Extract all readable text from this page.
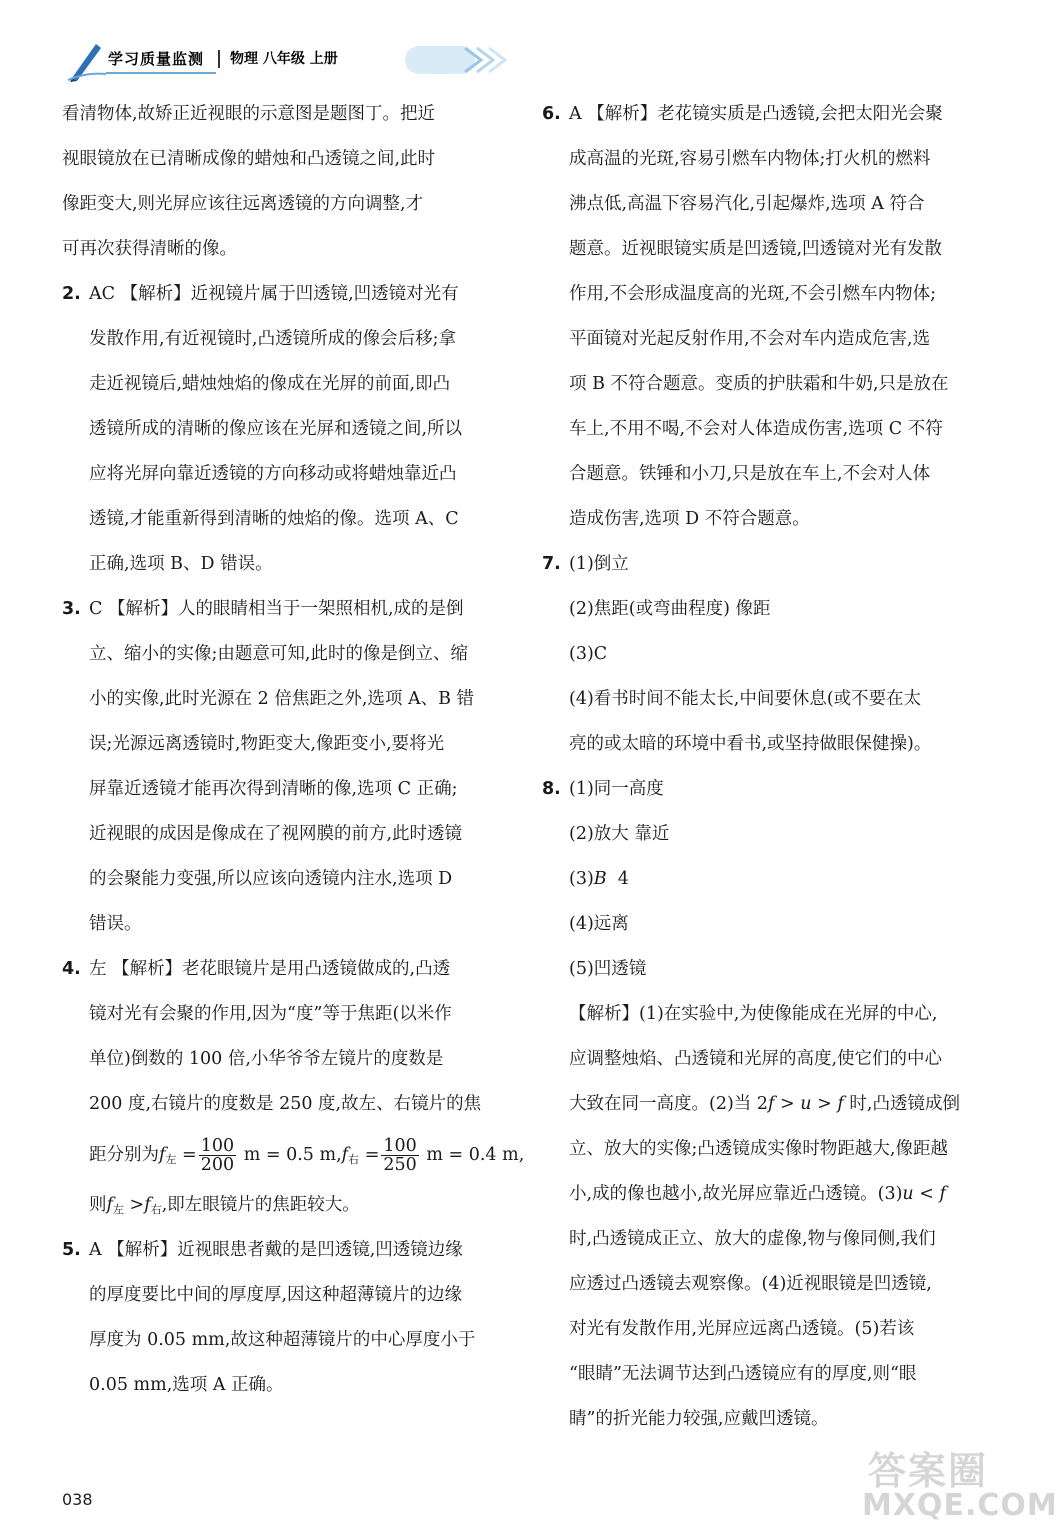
学习质量监测 物理 八年级 上册
看清物体,故矫正近视眼的示意图是题图丁。把近
视眼镜放在已清晰成像的蜡烛和凸透镜之间,此时
像距变大,则光屏应该往远离透镜的方向调整,才
可再次获得清晰的像。
2. AC 【解析】近视镜片属于凹透镜,凹透镜对光有
发散作用,有近视镜时,凸透镜所成的像会后移;拿
走近视镜后,蜡烛烛焰的像成在光屏的前面,即凸
透镜所成的清晰的像应该在光屏和透镜之间,所以
应将光屏向靠近透镜的方向移动或将蜡烛靠近凸
透镜,才能重新得到清晰的烛焰的像。选项 A、C
正确,选项 B、D 错误。
3. C 【解析】人的眼睛相当于一架照相机,成的是倒
立、缩小的实像;由题意可知,此时的像是倒立、缩
小的实像,此时光源在 2 倍焦距之外,选项 A、B 错
误;光源远离透镜时,物距变大,像距变小,要将光
屏靠近透镜才能再次得到清晰的像,选项 C 正确;
近视眼的成因是像成在了视网膜的前方,此时透镜
的会聚能力变强,所以应该向透镜内注水,选项 D
错误。
4. 左 【解析】老花眼镜片是用凸透镜做成的,凸透
镜对光有会聚的作用,因为“度”等于焦距(以米作
单位)倒数的 100 倍,小华爷爷左镜片的度数是
200 度,右镜片的度数是 250 度,故左、右镜片的焦
距分别为$f_左 = \frac{100}{200}$ m = 0.5 $m,f_右 = \frac{100}{250}$ m = 0.4 m,
则$f_左 >f_右$,即左眼镜片的焦距较大。
5. A 【解析】近视眼患者戴的是凹透镜,凹透镜边缘
的厚度要比中间的厚度厚,因这种超薄镜片的边缘
厚度为 0.05 mm,故这种超薄镜片的中心厚度小于
0.05 mm,选项 A 正确。
6. A 【解析】老花镜实质是凸透镜,会把太阳光会聚
成高温的光斑,容易引燃车内物体;打火机的燃料
沸点低,高温下容易汽化,引起爆炸,选项 A 符合
题意。近视眼镜实质是凹透镜,凹透镜对光有发散
作用,不会形成温度高的光斑,不会引燃车内物体;
平面镜对光起反射作用,不会对车内造成危害,选
项 B 不符合题意。变质的护肤霜和牛奶,只是放在
车上,不用不喝,不会对人体造成伤害,选项 C 不符
合题意。铁锤和小刀,只是放在车上,不会对人体
造成伤害,选项 D 不符合题意。
7. (1)倒立
(2)焦距(或弯曲程度) 像距
(3)C
(4)看书时间不能太长,中间要休息(或不要在太
亮的或太暗的环境中看书,或坚持做眼保健操)。
8. (1)同一高度
(2)放大 靠近
(3)B  4
(4)远离
(5)凹透镜
【解析】(1)在实验中,为使像能成在光屏的中心,
应调整烛焰、凸透镜和光屏的高度,使它们的中心
大致在同一高度。(2)当 2f > u > f 时,凸透镜成倒
立、放大的实像;凸透镜成实像时物距越大,像距越
小,成的像也越小,故光屏应靠近凸透镜。(3)u < f
时,凸透镜成正立、放大的虚像,物与像同侧,我们
应透过凸透镜去观察像。(4)近视眼镜是凹透镜,
对光有发散作用,光屏应远离凸透镜。(5)若该
“眼睛”无法调节达到凸透镜应有的厚度,则“眼
睛”的折光能力较强,应戴凹透镜。
038
答案圈
MXQE.COM
